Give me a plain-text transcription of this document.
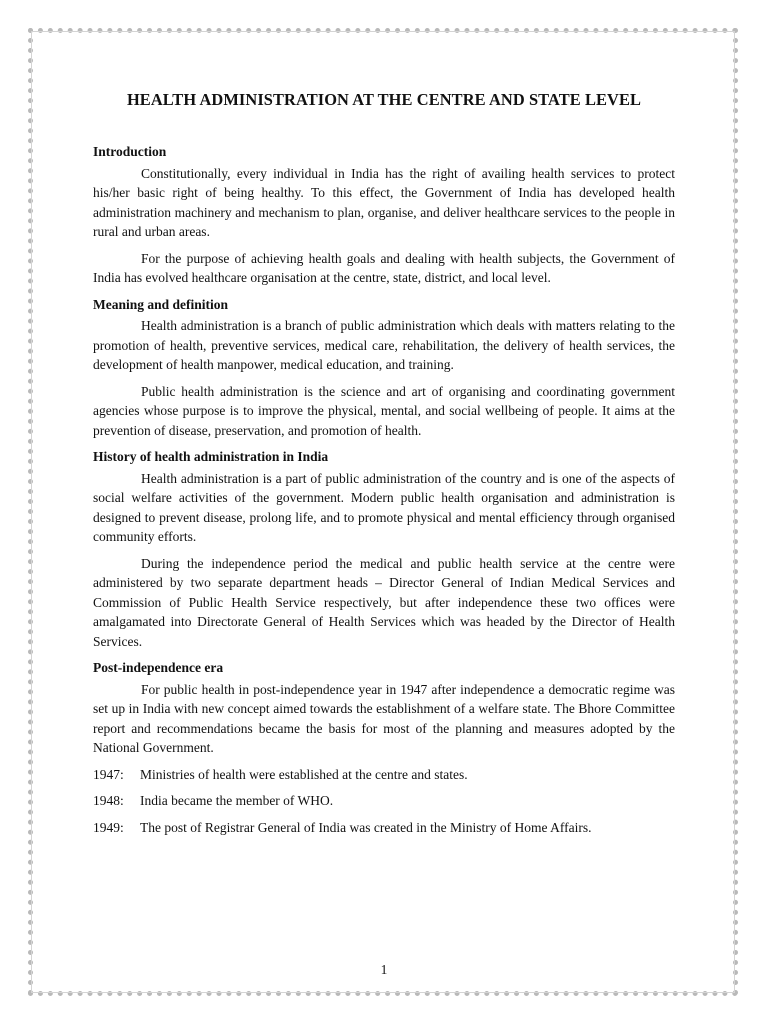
HEALTH ADMINISTRATION AT THE CENTRE AND STATE LEVEL
Introduction

Constitutionally, every individual in India has the right of availing health services to protect his/her basic right of being healthy. To this effect, the Government of India has developed health administration machinery and mechanism to plan, organise, and deliver healthcare services to the people in rural and urban areas.

For the purpose of achieving health goals and dealing with health subjects, the Government of India has evolved healthcare organisation at the centre, state, district, and local level.

Meaning and definition

Health administration is a branch of public administration which deals with matters relating to the promotion of health, preventive services, medical care, rehabilitation, the delivery of health services, the development of health manpower, medical education, and training.

Public health administration is the science and art of organising and coordinating government agencies whose purpose is to improve the physical, mental, and social wellbeing of people. It aims at the prevention of disease, preservation, and promotion of health.

History of health administration in India

Health administration is a part of public administration of the country and is one of the aspects of social welfare activities of the government. Modern public health organisation and administration is designed to prevent disease, prolong life, and to promote physical and mental efficiency through organised community efforts.

During the independence period the medical and public health service at the centre were administered by two separate department heads – Director General of Indian Medical Services and Commission of Public Health Service respectively, but after independence these two offices were amalgamated into Directorate General of Health Services which was headed by the Director of Health Services.

Post-independence era

For public health in post-independence year in 1947 after independence a democratic regime was set up in India with new concept aimed towards the establishment of a welfare state. The Bhore Committee report and recommendations became the basis for most of the planning and measures adopted by the National Government.

1947:	Ministries of health were established at the centre and states.
1948:	India became the member of WHO.
1949:	The post of Registrar General of India was created in the Ministry of Home Affairs.
1
